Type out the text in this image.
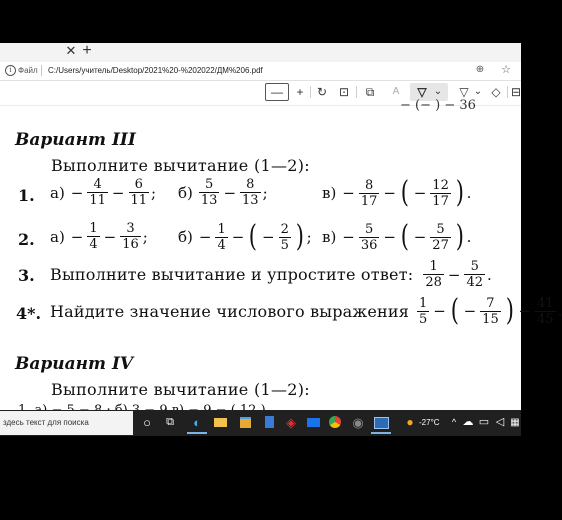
✕ +
i Файл C:/Users/учитель/Desktop/2021%20-%202022/ДМ%206.pdf	⊕ ☆
—	+	↻ ⊡	⧉	A	▽ ⌄ ▽ ⌄ ◇ ⊟
− (− ) − 36
Вариант III
Выполните вычитание (1—2):
1. $а) - \frac{4}{11} - \frac{6}{11}$ ; $б) \frac{5}{13} - \frac{8}{13}$ ;	$в) - \frac{8}{17}$ − ( − $\frac{12}{17}$ ) .
2. $а) - \frac{1}{4} - \frac{3}{16}$ ; $б) - \frac{1}{4}$ − ( − $\frac{2}{5}$ ) ; $в) - \frac{5}{36}$ − ( − $\frac{5}{27}$ ) .
3. Выполните вычитание и упростите ответ: $\frac{1}{28} - \frac{5}{42}$ .
4*. Найдите значение числового выражения $\frac{1}{5}$ − ( − $\frac{7}{15}$ ) − $\frac{41}{45}$ .
Вариант IV
Выполните вычитание (1—2):
здесь текст для поиска	○ ⧉ ◐	◈	◉	● -27°C	^ ☁ ▭ ◁ ▦
